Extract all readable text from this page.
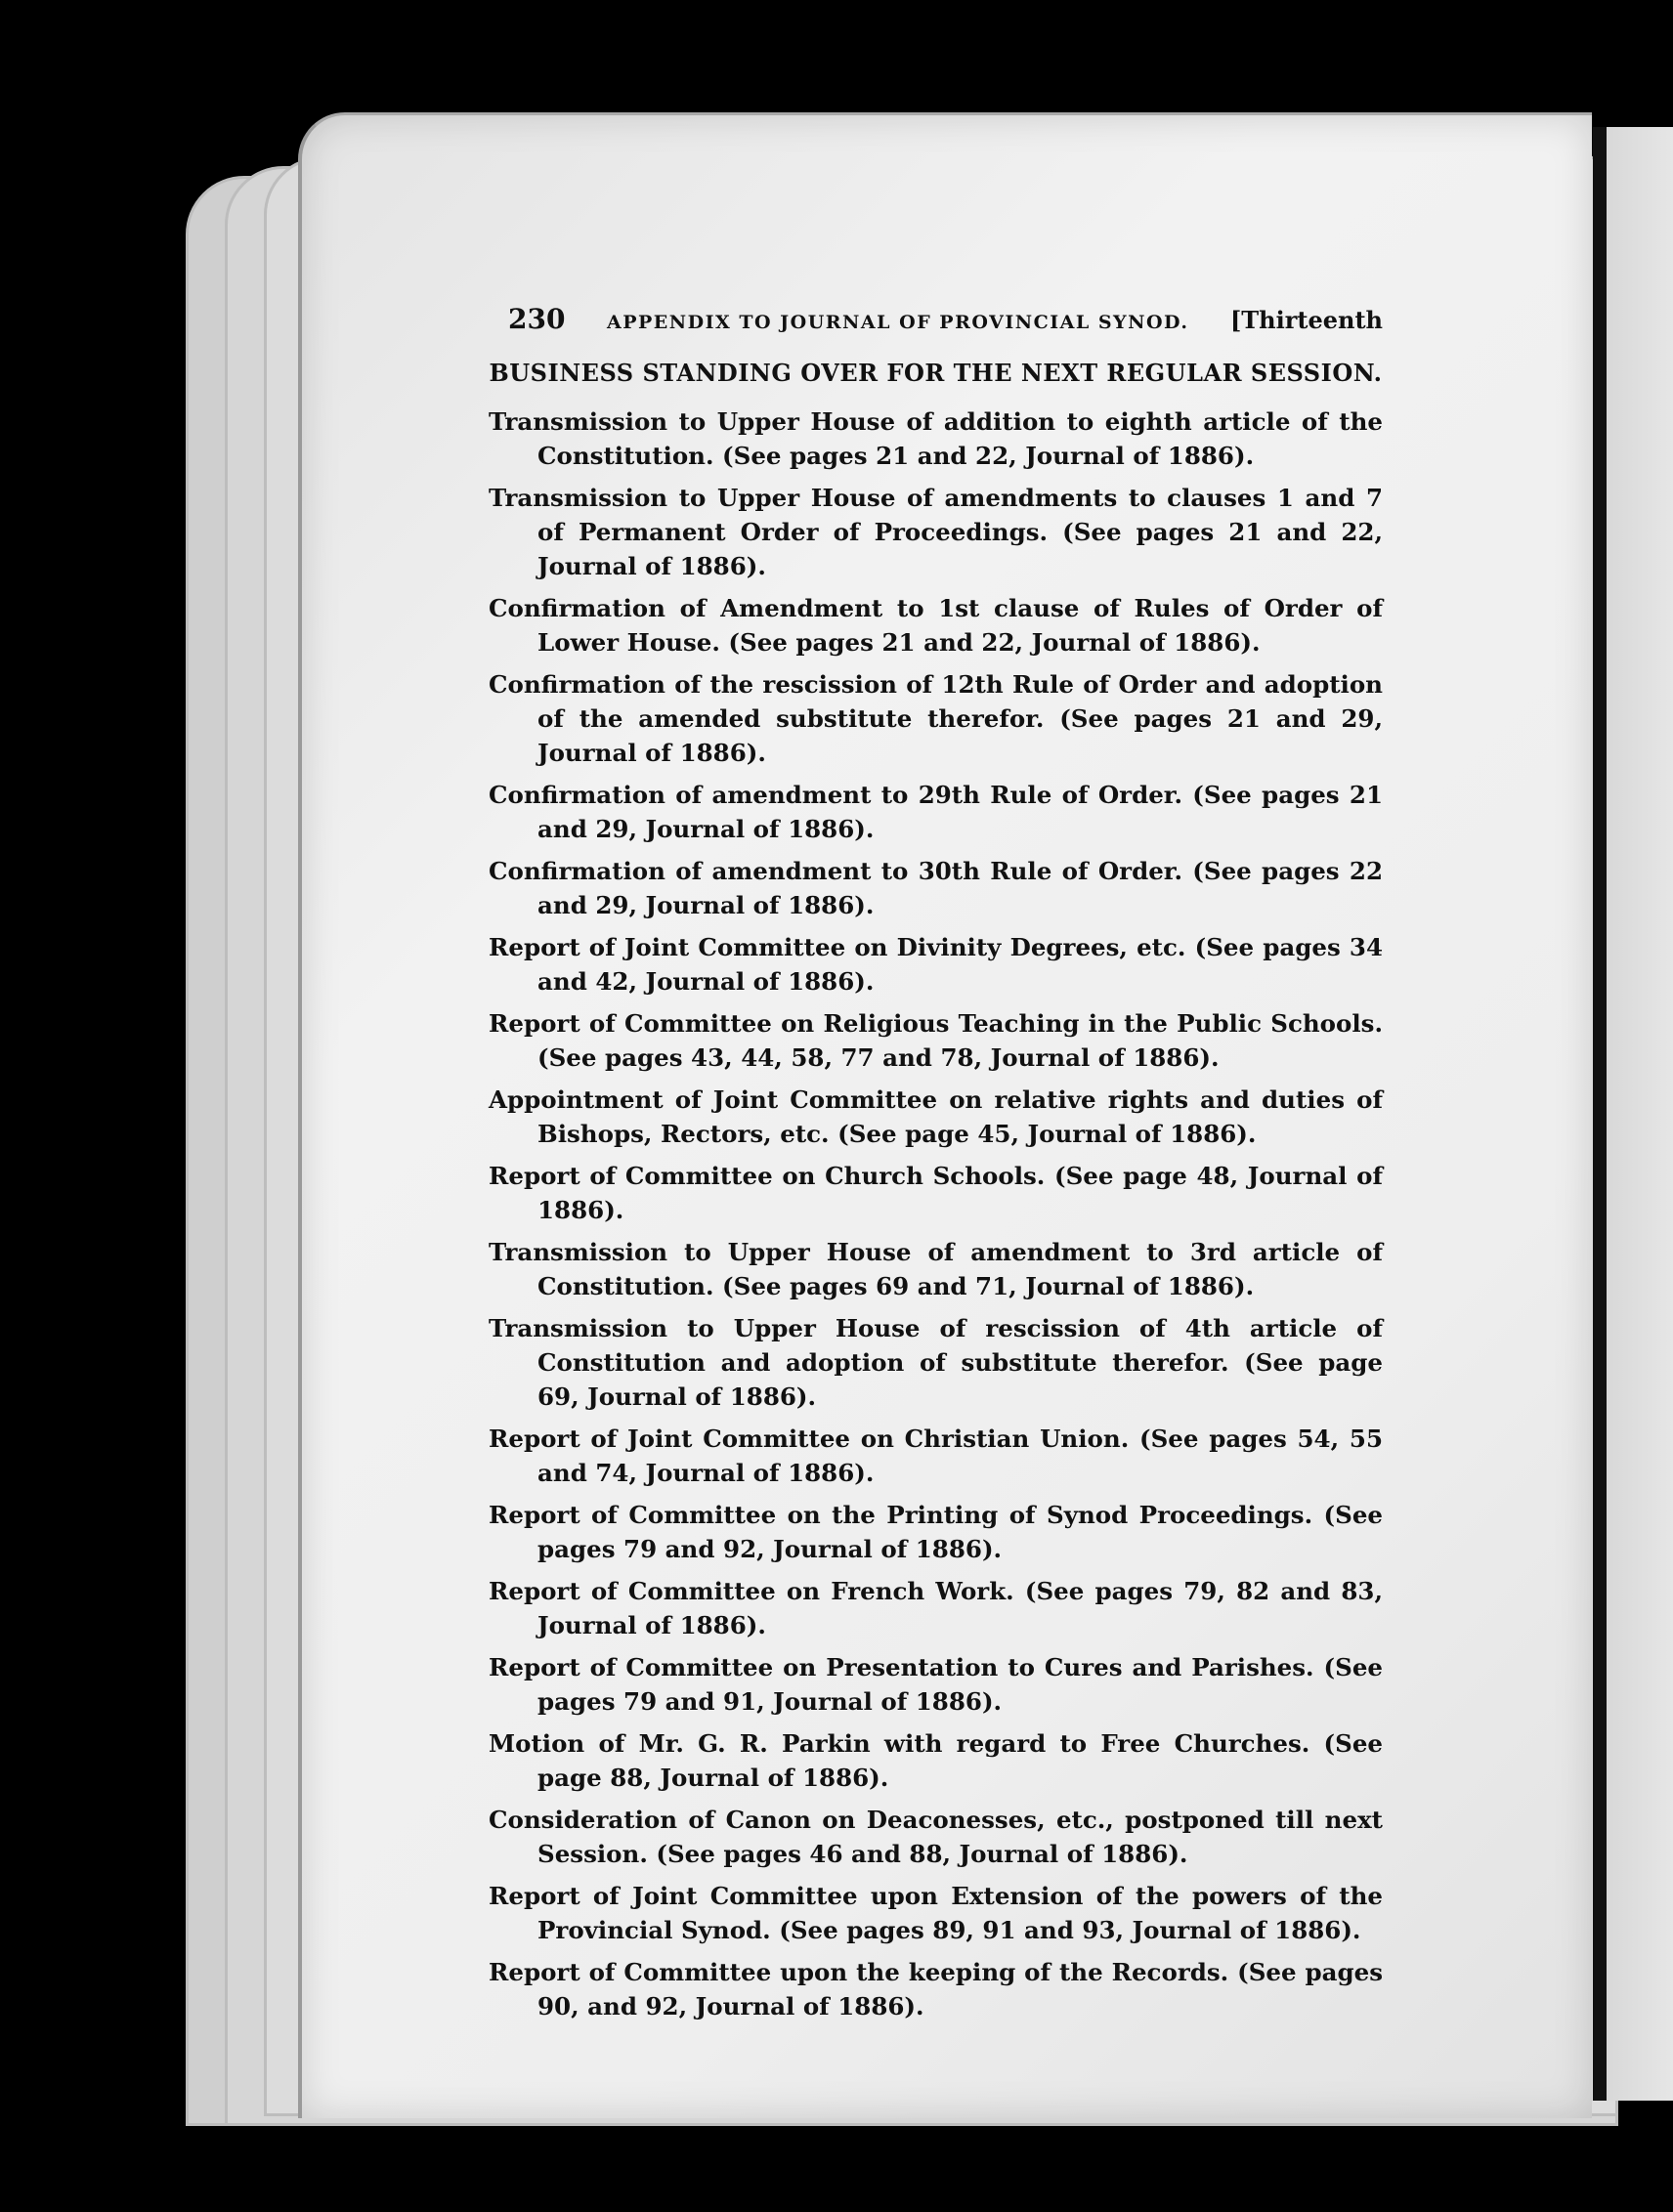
230 APPENDIX TO JOURNAL OF PROVINCIAL SYNOD. [Thirteenth
BUSINESS STANDING OVER FOR THE NEXT REGULAR SESSION.
Transmission to Upper House of addition to eighth article of the Constitution. (See pages 21 and 22, Journal of 1886).
Transmission to Upper House of amendments to clauses 1 and 7 of Permanent Order of Proceedings. (See pages 21 and 22, Journal of 1886).
Confirmation of Amendment to 1st clause of Rules of Order of Lower House. (See pages 21 and 22, Journal of 1886).
Confirmation of the rescission of 12th Rule of Order and adoption of the amended substitute therefor. (See pages 21 and 29, Journal of 1886).
Confirmation of amendment to 29th Rule of Order. (See pages 21 and 29, Journal of 1886).
Confirmation of amendment to 30th Rule of Order. (See pages 22 and 29, Journal of 1886).
Report of Joint Committee on Divinity Degrees, etc. (See pages 34 and 42, Journal of 1886).
Report of Committee on Religious Teaching in the Public Schools. (See pages 43, 44, 58, 77 and 78, Journal of 1886).
Appointment of Joint Committee on relative rights and duties of Bishops, Rectors, etc. (See page 45, Journal of 1886).
Report of Committee on Church Schools. (See page 48, Journal of 1886).
Transmission to Upper House of amendment to 3rd article of Constitution. (See pages 69 and 71, Journal of 1886).
Transmission to Upper House of rescission of 4th article of Constitution and adoption of substitute therefor. (See page 69, Journal of 1886).
Report of Joint Committee on Christian Union. (See pages 54, 55 and 74, Journal of 1886).
Report of Committee on the Printing of Synod Proceedings. (See pages 79 and 92, Journal of 1886).
Report of Committee on French Work. (See pages 79, 82 and 83, Journal of 1886).
Report of Committee on Presentation to Cures and Parishes. (See pages 79 and 91, Journal of 1886).
Motion of Mr. G. R. Parkin with regard to Free Churches. (See page 88, Journal of 1886).
Consideration of Canon on Deaconesses, etc., postponed till next Session. (See pages 46 and 88, Journal of 1886).
Report of Joint Committee upon Extension of the powers of the Provincial Synod. (See pages 89, 91 and 93, Journal of 1886).
Report of Committee upon the keeping of the Records. (See pages 90, and 92, Journal of 1886).
